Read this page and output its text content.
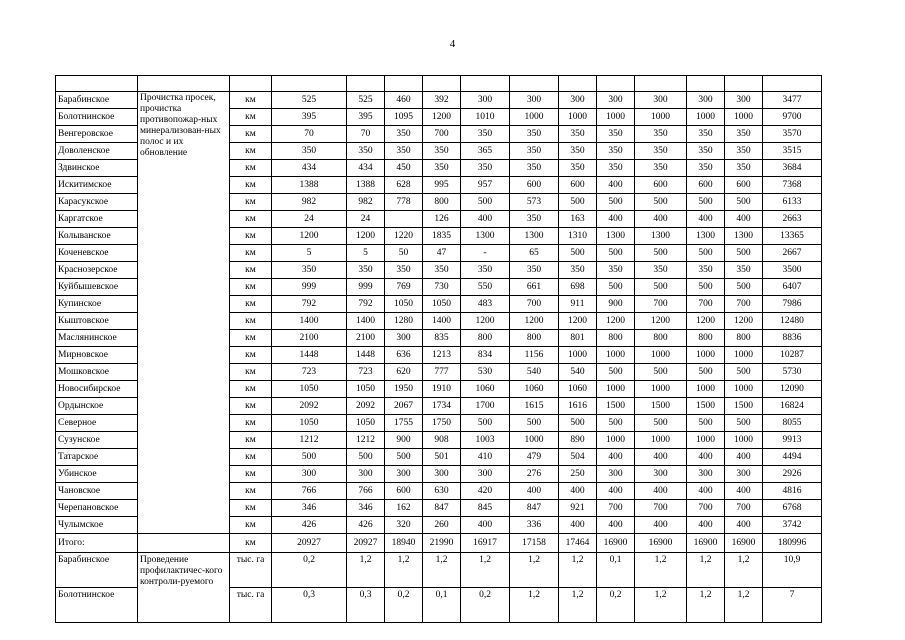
4

Барабинское	Прочистка просек, прочистка противопожар-ных минерализован-ных полос и их обновление	км	525	525	460	392	300	300	300	300	300	300	300	3477
Болотнинское		км	395	395	1095	1200	1010	1000	1000	1000	1000	1000	1000	9700
Венгеровское		км	70	70	350	700	350	350	350	350	350	350	350	3570
Доволенское		км	350	350	350	350	365	350	350	350	350	350	350	3515
Здвинское		км	434	434	450	350	350	350	350	350	350	350	350	3684
Искитимское		км	1388	1388	628	995	957	600	600	400	600	600	600	7368
Карасукское		км	982	982	778	800	500	573	500	500	500	500	500	6133
Каргатское		км	24	24		126	400	350	163	400	400	400	400	2663
Колыванское		км	1200	1200	1220	1835	1300	1300	1310	1300	1300	1300	1300	13365
Коченевское		км	5	5	50	47	-	65	500	500	500	500	500	2667
Краснозерское		км	350	350	350	350	350	350	350	350	350	350	350	3500
Куйбышевское		км	999	999	769	730	550	661	698	500	500	500	500	6407
Купинское		км	792	792	1050	1050	483	700	911	900	700	700	700	7986
Кыштовское		км	1400	1400	1280	1400	1200	1200	1200	1200	1200	1200	1200	12480
Маслянинское		км	2100	2100	300	835	800	800	801	800	800	800	800	8836
Мирновское		км	1448	1448	636	1213	834	1156	1000	1000	1000	1000	1000	10287
Мошковское		км	723	723	620	777	530	540	540	500	500	500	500	5730
Новосибирское		км	1050	1050	1950	1910	1060	1060	1060	1000	1000	1000	1000	12090
Ордынское		км	2092	2092	2067	1734	1700	1615	1616	1500	1500	1500	1500	16824
Северное		км	1050	1050	1755	1750	500	500	500	500	500	500	500	8055
Сузунское		км	1212	1212	900	908	1003	1000	890	1000	1000	1000	1000	9913
Татарское		км	500	500	500	501	410	479	504	400	400	400	400	4494
Убинское		км	300	300	300	300	300	276	250	300	300	300	300	2926
Чановское		км	766	766	600	630	420	400	400	400	400	400	400	4816
Черепановское		км	346	346	162	847	845	847	921	700	700	700	700	6768
Чулымское		км	426	426	320	260	400	336	400	400	400	400	400	3742
Итого:		км	20927	20927	18940	21990	16917	17158	17464	16900	16900	16900	16900	180996
Барабинское	Проведение профилактичес-кого контроли-руемого	тыс. га	0,2	1,2	1,2	1,2	1,2	1,2	1,2	0,1	1,2	1,2	1,2	10,9
Болотнинское		тыс. га	0,3	0,3	0,2	0,1	0,2	1,2	1,2	0,2	1,2	1,2	1,2	7
